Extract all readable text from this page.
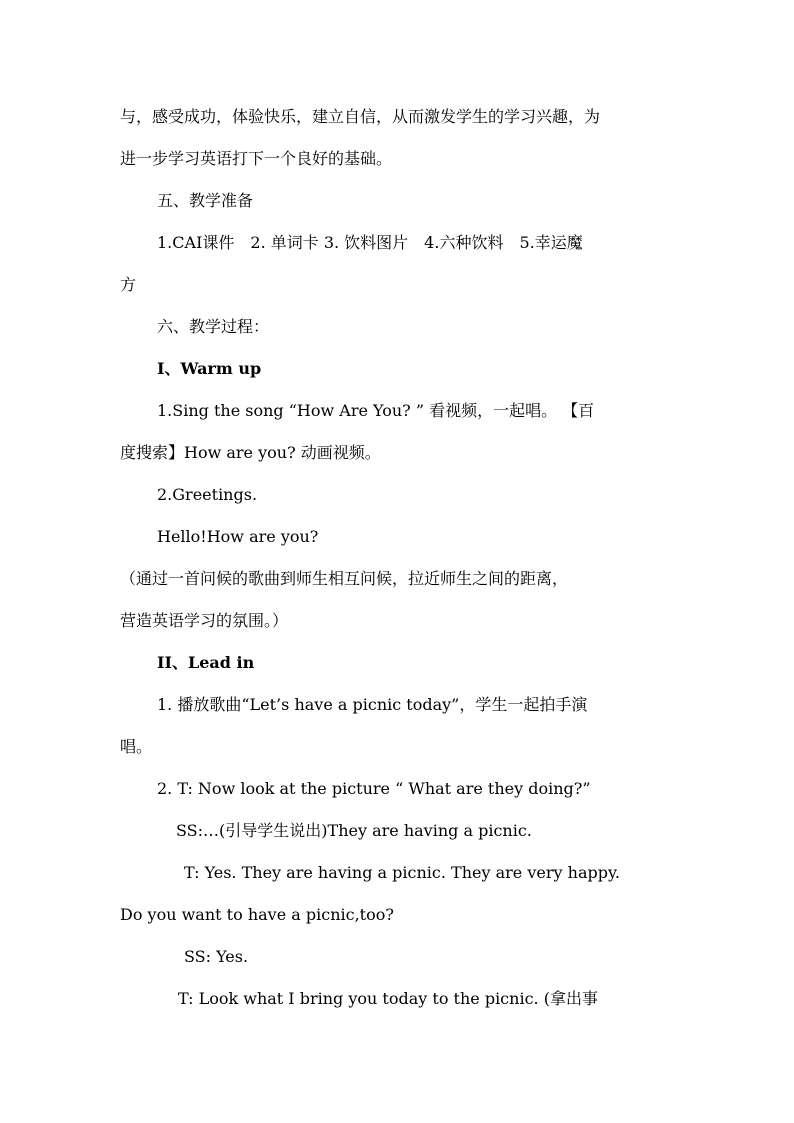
与，感受成功，体验快乐，建立自信，从而激发学生的学习兴趣，为
进一步学习英语打下一个良好的基础。
五、教学准备
1.CAI课件　2. 单词卡 3. 饮料图片　4.六种饮料　5.幸运魔
方
六、教学过程：
I、Warm up
1.Sing the song “How Are You? ” 看视频，一起唱。 【百
度搜索】How are you? 动画视频。
2.Greetings.
Hello!How are you?
（通过一首问候的歌曲到师生相互问候，拉近师生之间的距离，
营造英语学习的氛围。）
II、Lead in
1. 播放歌曲“Let’s have a picnic today”，学生一起拍手演
唱。
2. T: Now look at the picture “ What are they doing?”
SS:…(引导学生说出)They are having a picnic.
T: Yes. They are having a picnic. They are very happy.
Do you want to have a picnic,too?
SS: Yes.
T: Look what I bring you today to the picnic. (拿出事
